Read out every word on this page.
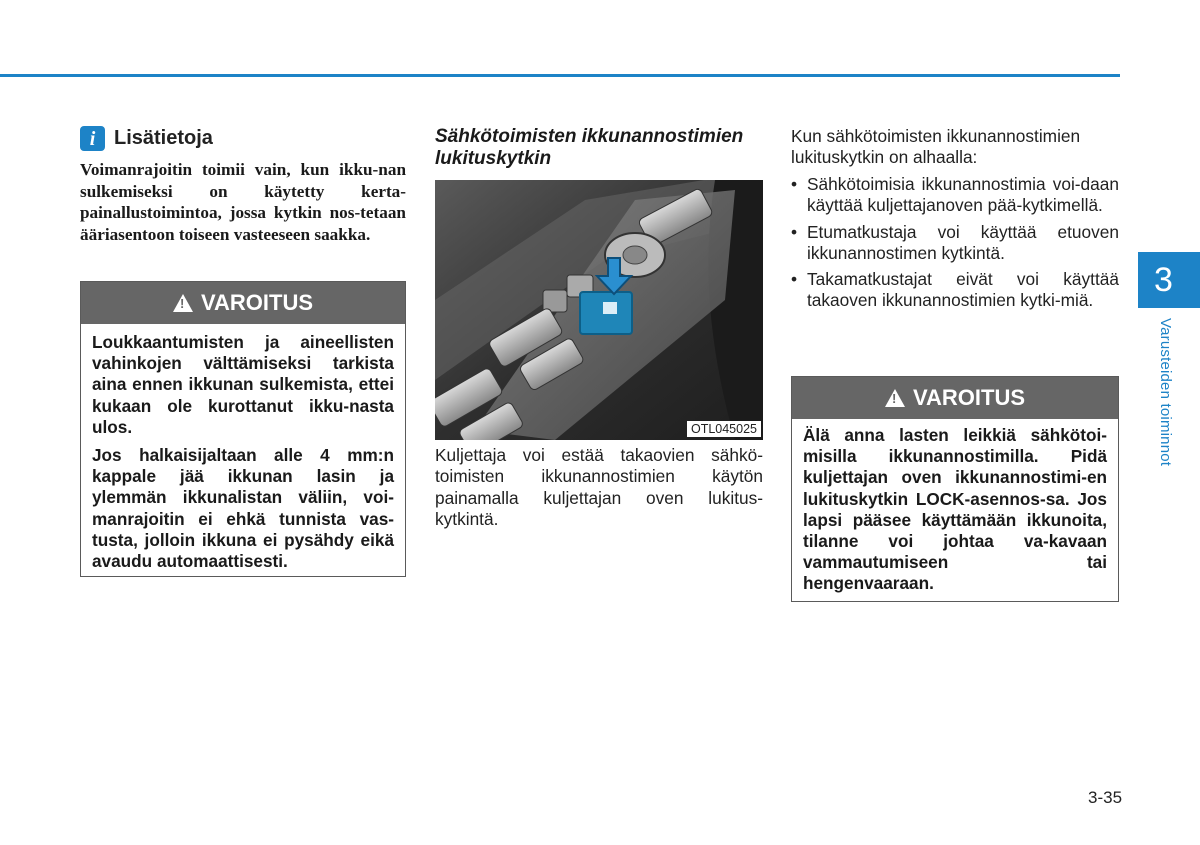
i Lisätietoja
Voimanrajoitin toimii vain, kun ikku-nan sulkemiseksi on käytetty kerta-painallustoimintoa, jossa kytkin nos-tetaan ääriasentoon toiseen vasteeseen saakka.
!
VAROITUS

Loukkaantumisten ja aineellisten vahinkojen välttämiseksi tarkista aina ennen ikkunan sulkemista, ettei kukaan ole kurottanut ikku-nasta ulos.

Jos halkaisijaltaan alle 4 mm:n kappale jää ikkunan lasin ja ylemmän ikkunalistan väliin, voi-manrajoitin ei ehkä tunnista vas-tusta, jolloin ikkuna ei pysähdy eikä avaudu automaattisesti.

Sähkötoimisten ikkunannostimien lukituskytkin
OTL045025
Kuljettaja voi estää takaovien sähkö-toimisten ikkunannostimien käytön painamalla kuljettajan oven lukitus-kytkintä.
Kun sähkötoimisten ikkunannostimien lukituskytkin on alhaalla:
• Sähkötoimisia ikkunannostimia voi-daan käyttää kuljettajanoven pää-kytkimellä.
• Etumatkustaja voi käyttää etuoven ikkunannostimen kytkintä.
• Takamatkustajat eivät voi käyttää takaoven ikkunannostimien kytki-miä.
!
VAROITUS
Älä anna lasten leikkiä sähkötoi-misilla ikkunannostimilla. Pidä kuljettajan oven ikkunannostimi-en lukituskytkin LOCK-asennos-sa. Jos lapsi pääsee käyttämään ikkunoita, tilanne voi johtaa va-kavaan vammautumiseen tai hengenvaaraan.
3
Varusteiden toiminnot
3-35
